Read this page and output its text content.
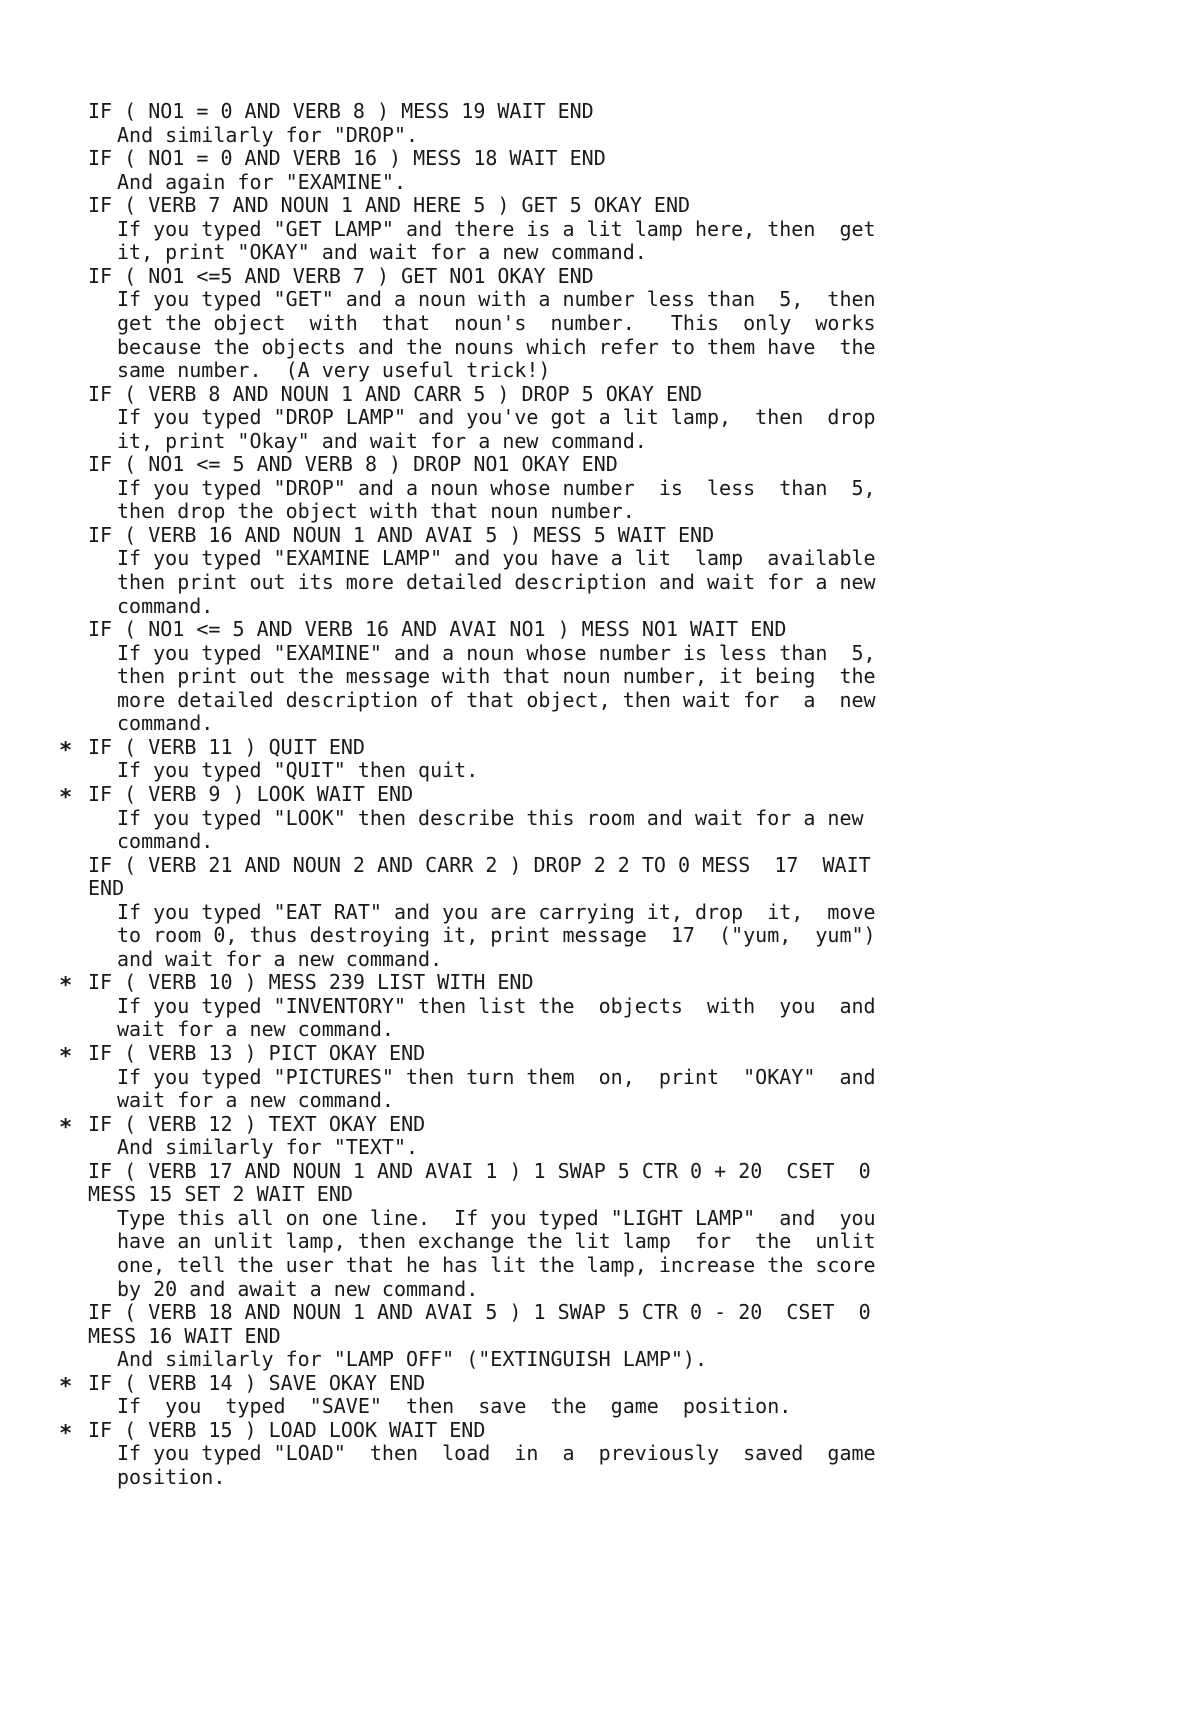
IF ( NO1 = 0 AND VERB 8 ) MESS 19 WAIT END
And similarly for "DROP".
IF ( NO1 = 0 AND VERB 16 ) MESS 18 WAIT END
And again for "EXAMINE".
IF ( VERB 7 AND NOUN 1 AND HERE 5 ) GET 5 OKAY END
If you typed "GET LAMP" and there is a lit lamp here, then  get
it, print "OKAY" and wait for a new command.
IF ( NO1 <=5 AND VERB 7 ) GET NO1 OKAY END
If you typed "GET" and a noun with a number less than  5,  then
get the object  with  that  noun's  number.   This  only  works
because the objects and the nouns which refer to them have  the
same number.  (A very useful trick!)
IF ( VERB 8 AND NOUN 1 AND CARR 5 ) DROP 5 OKAY END
If you typed "DROP LAMP" and you've got a lit lamp,  then  drop
it, print "Okay" and wait for a new command.
IF ( NO1 <= 5 AND VERB 8 ) DROP NO1 OKAY END
If you typed "DROP" and a noun whose number  is  less  than  5,
then drop the object with that noun number.
IF ( VERB 16 AND NOUN 1 AND AVAI 5 ) MESS 5 WAIT END
If you typed "EXAMINE LAMP" and you have a lit  lamp  available
then print out its more detailed description and wait for a new
command.
IF ( NO1 <= 5 AND VERB 16 AND AVAI NO1 ) MESS NO1 WAIT END
If you typed "EXAMINE" and a noun whose number is less than  5,
then print out the message with that noun number, it being  the
more detailed description of that object, then wait for  a  new
command.
∗ IF ( VERB 11 ) QUIT END
If you typed "QUIT" then quit.
∗ IF ( VERB 9 ) LOOK WAIT END
If you typed "LOOK" then describe this room and wait for a new
command.
IF ( VERB 21 AND NOUN 2 AND CARR 2 ) DROP 2 2 TO 0 MESS  17  WAIT
END
If you typed "EAT RAT" and you are carrying it, drop  it,  move
to room 0, thus destroying it, print message  17  ("yum,  yum")
and wait for a new command.
∗ IF ( VERB 10 ) MESS 239 LIST WITH END
If you typed "INVENTORY" then list the  objects  with  you  and
wait for a new command.
∗ IF ( VERB 13 ) PICT OKAY END
If you typed "PICTURES" then turn them  on,  print  "OKAY"  and
wait for a new command.
∗ IF ( VERB 12 ) TEXT OKAY END
And similarly for "TEXT".
IF ( VERB 17 AND NOUN 1 AND AVAI 1 ) 1 SWAP 5 CTR 0 + 20  CSET  0
MESS 15 SET 2 WAIT END
Type this all on one line.  If you typed "LIGHT LAMP"  and  you
have an unlit lamp, then exchange the lit lamp  for  the  unlit
one, tell the user that he has lit the lamp, increase the score
by 20 and await a new command.
IF ( VERB 18 AND NOUN 1 AND AVAI 5 ) 1 SWAP 5 CTR 0 - 20  CSET  0
MESS 16 WAIT END
And similarly for "LAMP OFF" ("EXTINGUISH LAMP").
∗ IF ( VERB 14 ) SAVE OKAY END
If  you  typed  "SAVE"  then  save  the  game  position.
∗ IF ( VERB 15 ) LOAD LOOK WAIT END
If you typed "LOAD"  then  load  in  a  previously  saved  game
position.
